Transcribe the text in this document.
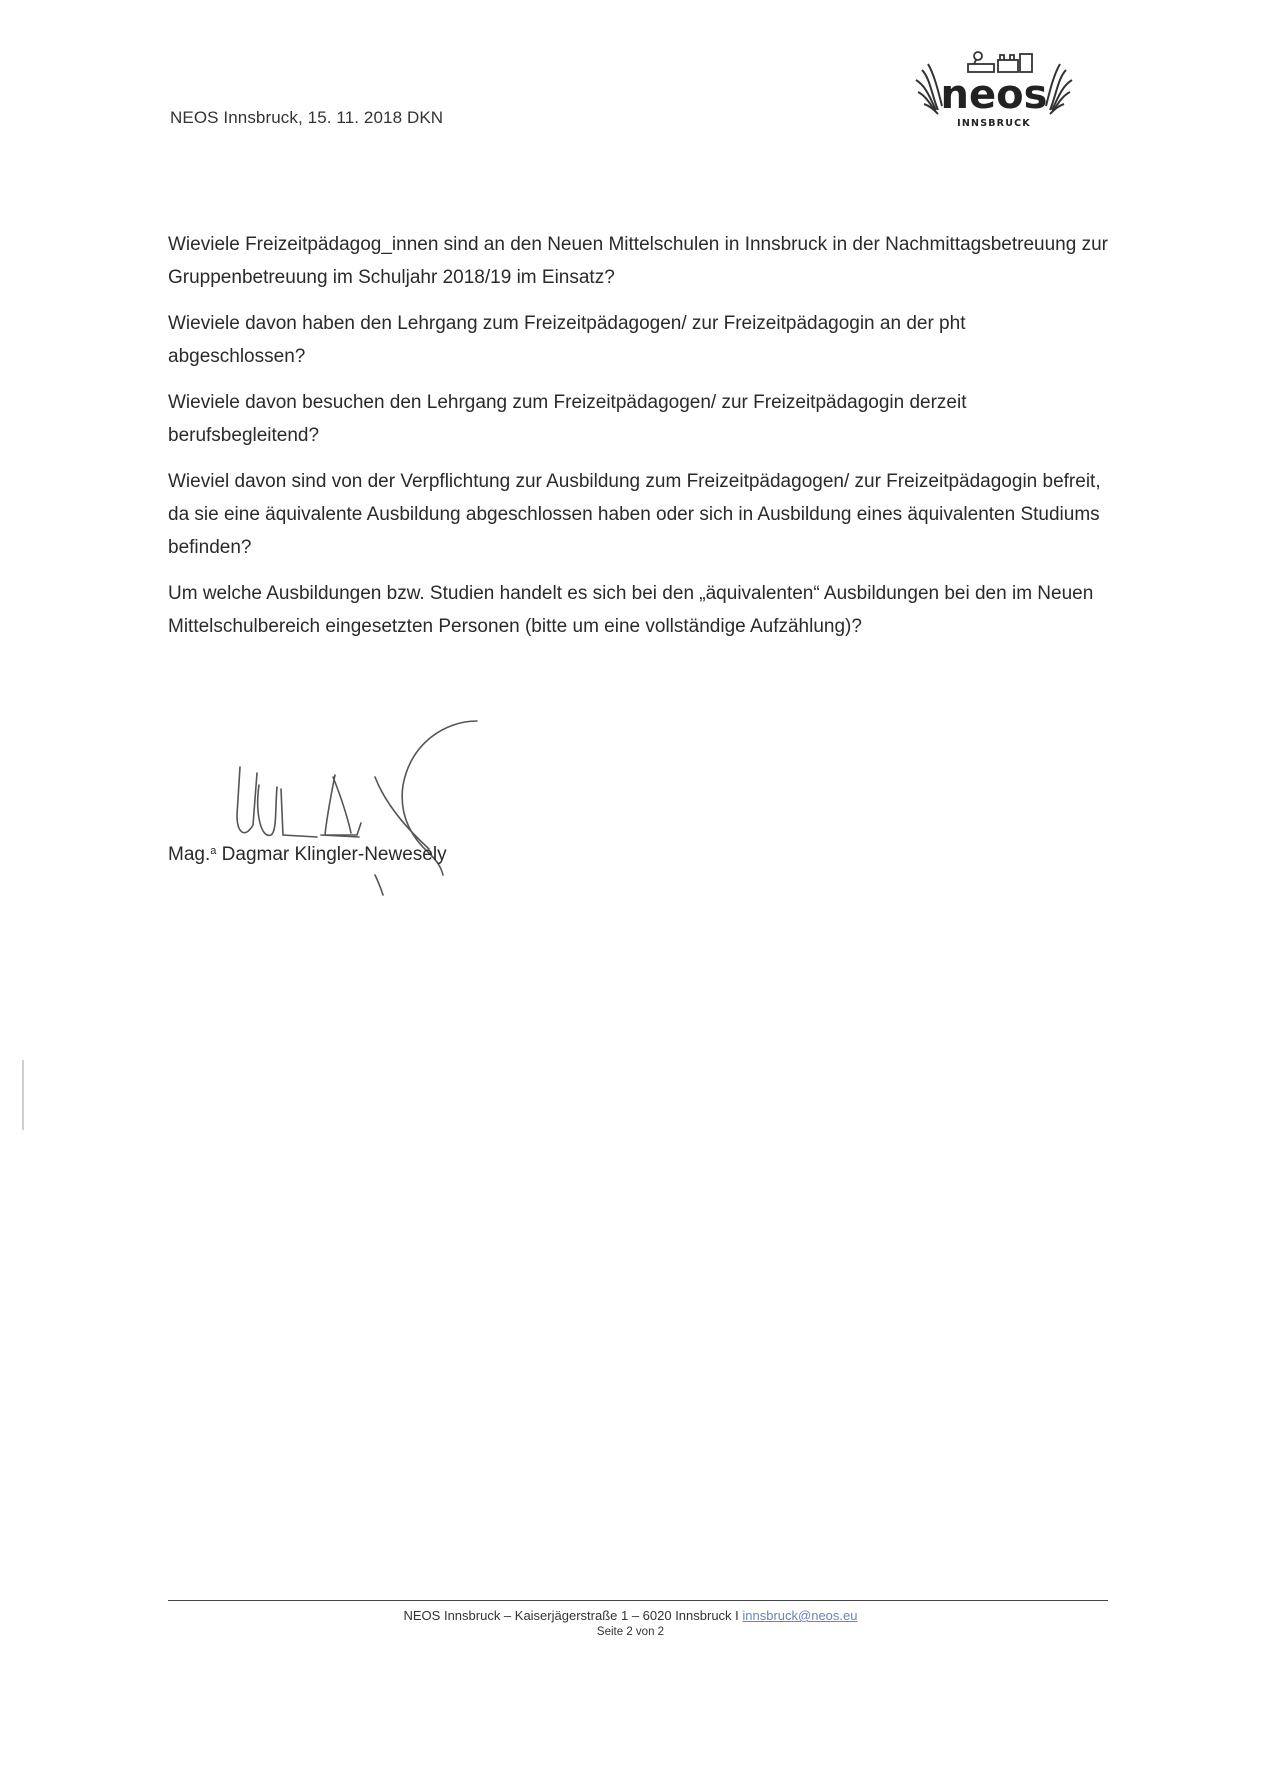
NEOS Innsbruck, 15. 11. 2018 DKN	neos
INNSBRUCK

Wieviele Freizeitpädagog_innen sind an den Neuen Mittelschulen in Innsbruck in der Nachmittagsbetreuung zur Gruppenbetreuung im Schuljahr 2018/19 im Einsatz?

Wieviele davon haben den Lehrgang zum Freizeitpädagogen/ zur Freizeitpädagogin an der pht abgeschlossen?

Wieviele davon besuchen den Lehrgang zum Freizeitpädagogen/ zur Freizeitpädagogin derzeit berufsbegleitend?

Wieviel davon sind von der Verpflichtung zur Ausbildung zum Freizeitpädagogen/ zur Freizeitpädagogin befreit, da sie eine äquivalente Ausbildung abgeschlossen haben oder sich in Ausbildung eines äquivalenten Studiums befinden?

Um welche Ausbildungen bzw. Studien handelt es sich bei den „äquivalenten“ Ausbildungen bei den im Neuen Mittelschulbereich eingesetzten Personen (bitte um eine vollständige Aufzählung)?

Mag.$^a$ Dagmar Klingler-Newesely
NEOS Innsbruck – Kaiserjägerstraße 1 – 6020 Innsbruck I innsbruck@neos.eu
Seite 2 von 2
